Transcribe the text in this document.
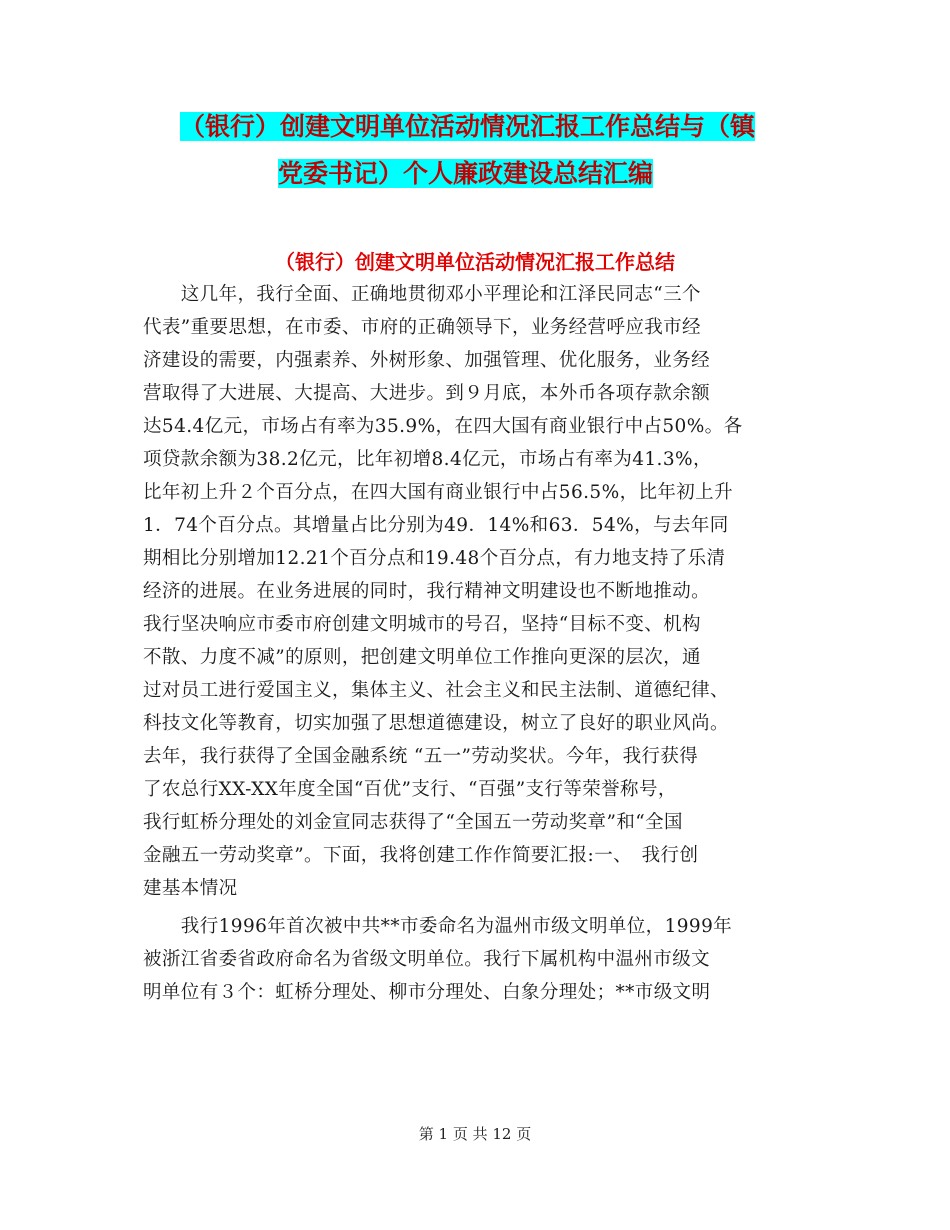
（银行）创建文明单位活动情况汇报工作总结与（镇
党委书记）个人廉政建设总结汇编
（银行）创建文明单位活动情况汇报工作总结
　　这几年，我行全面、正确地贯彻邓小平理论和江泽民同志“三个
代表”重要思想，在市委、市府的正确领导下，业务经营呼应我市经
济建设的需要，内强素养、外树形象、加强管理、优化服务，业务经
营取得了大进展、大提高、大进步。到９月底，本外币各项存款余额
达54.4亿元，市场占有率为35.9%，在四大国有商业银行中占50%。各
项贷款余额为38.2亿元，比年初增8.4亿元，市场占有率为41.3%，
比年初上升２个百分点，在四大国有商业银行中占56.5%，比年初上升
1．74个百分点。其增量占比分别为49．14%和63．54%，与去年同
期相比分别增加12.21个百分点和19.48个百分点，有力地支持了乐清
经济的进展。在业务进展的同时，我行精神文明建设也不断地推动。
我行坚决响应市委市府创建文明城市的号召，坚持“目标不变、机构
不散、力度不减”的原则，把创建文明单位工作推向更深的层次，通
过对员工进行爱国主义，集体主义、社会主义和民主法制、道德纪律、
科技文化等教育，切实加强了思想道德建设，树立了良好的职业风尚。
去年，我行获得了全国金融系统 “五一”劳动奖状。今年，我行获得
了农总行XX-XX年度全国“百优”支行、“百强”支行等荣誉称号，
我行虹桥分理处的刘金宣同志获得了“全国五一劳动奖章”和“全国
金融五一劳动奖章”。下面，我将创建工作作简要汇报:一、　我行创
建基本情况
　　我行1996年首次被中共**市委命名为温州市级文明单位，1999年
被浙江省委省政府命名为省级文明单位。我行下属机构中温州市级文
明单位有３个：虹桥分理处、柳市分理处、白象分理处；**市级文明
第 1 页 共 12 页
